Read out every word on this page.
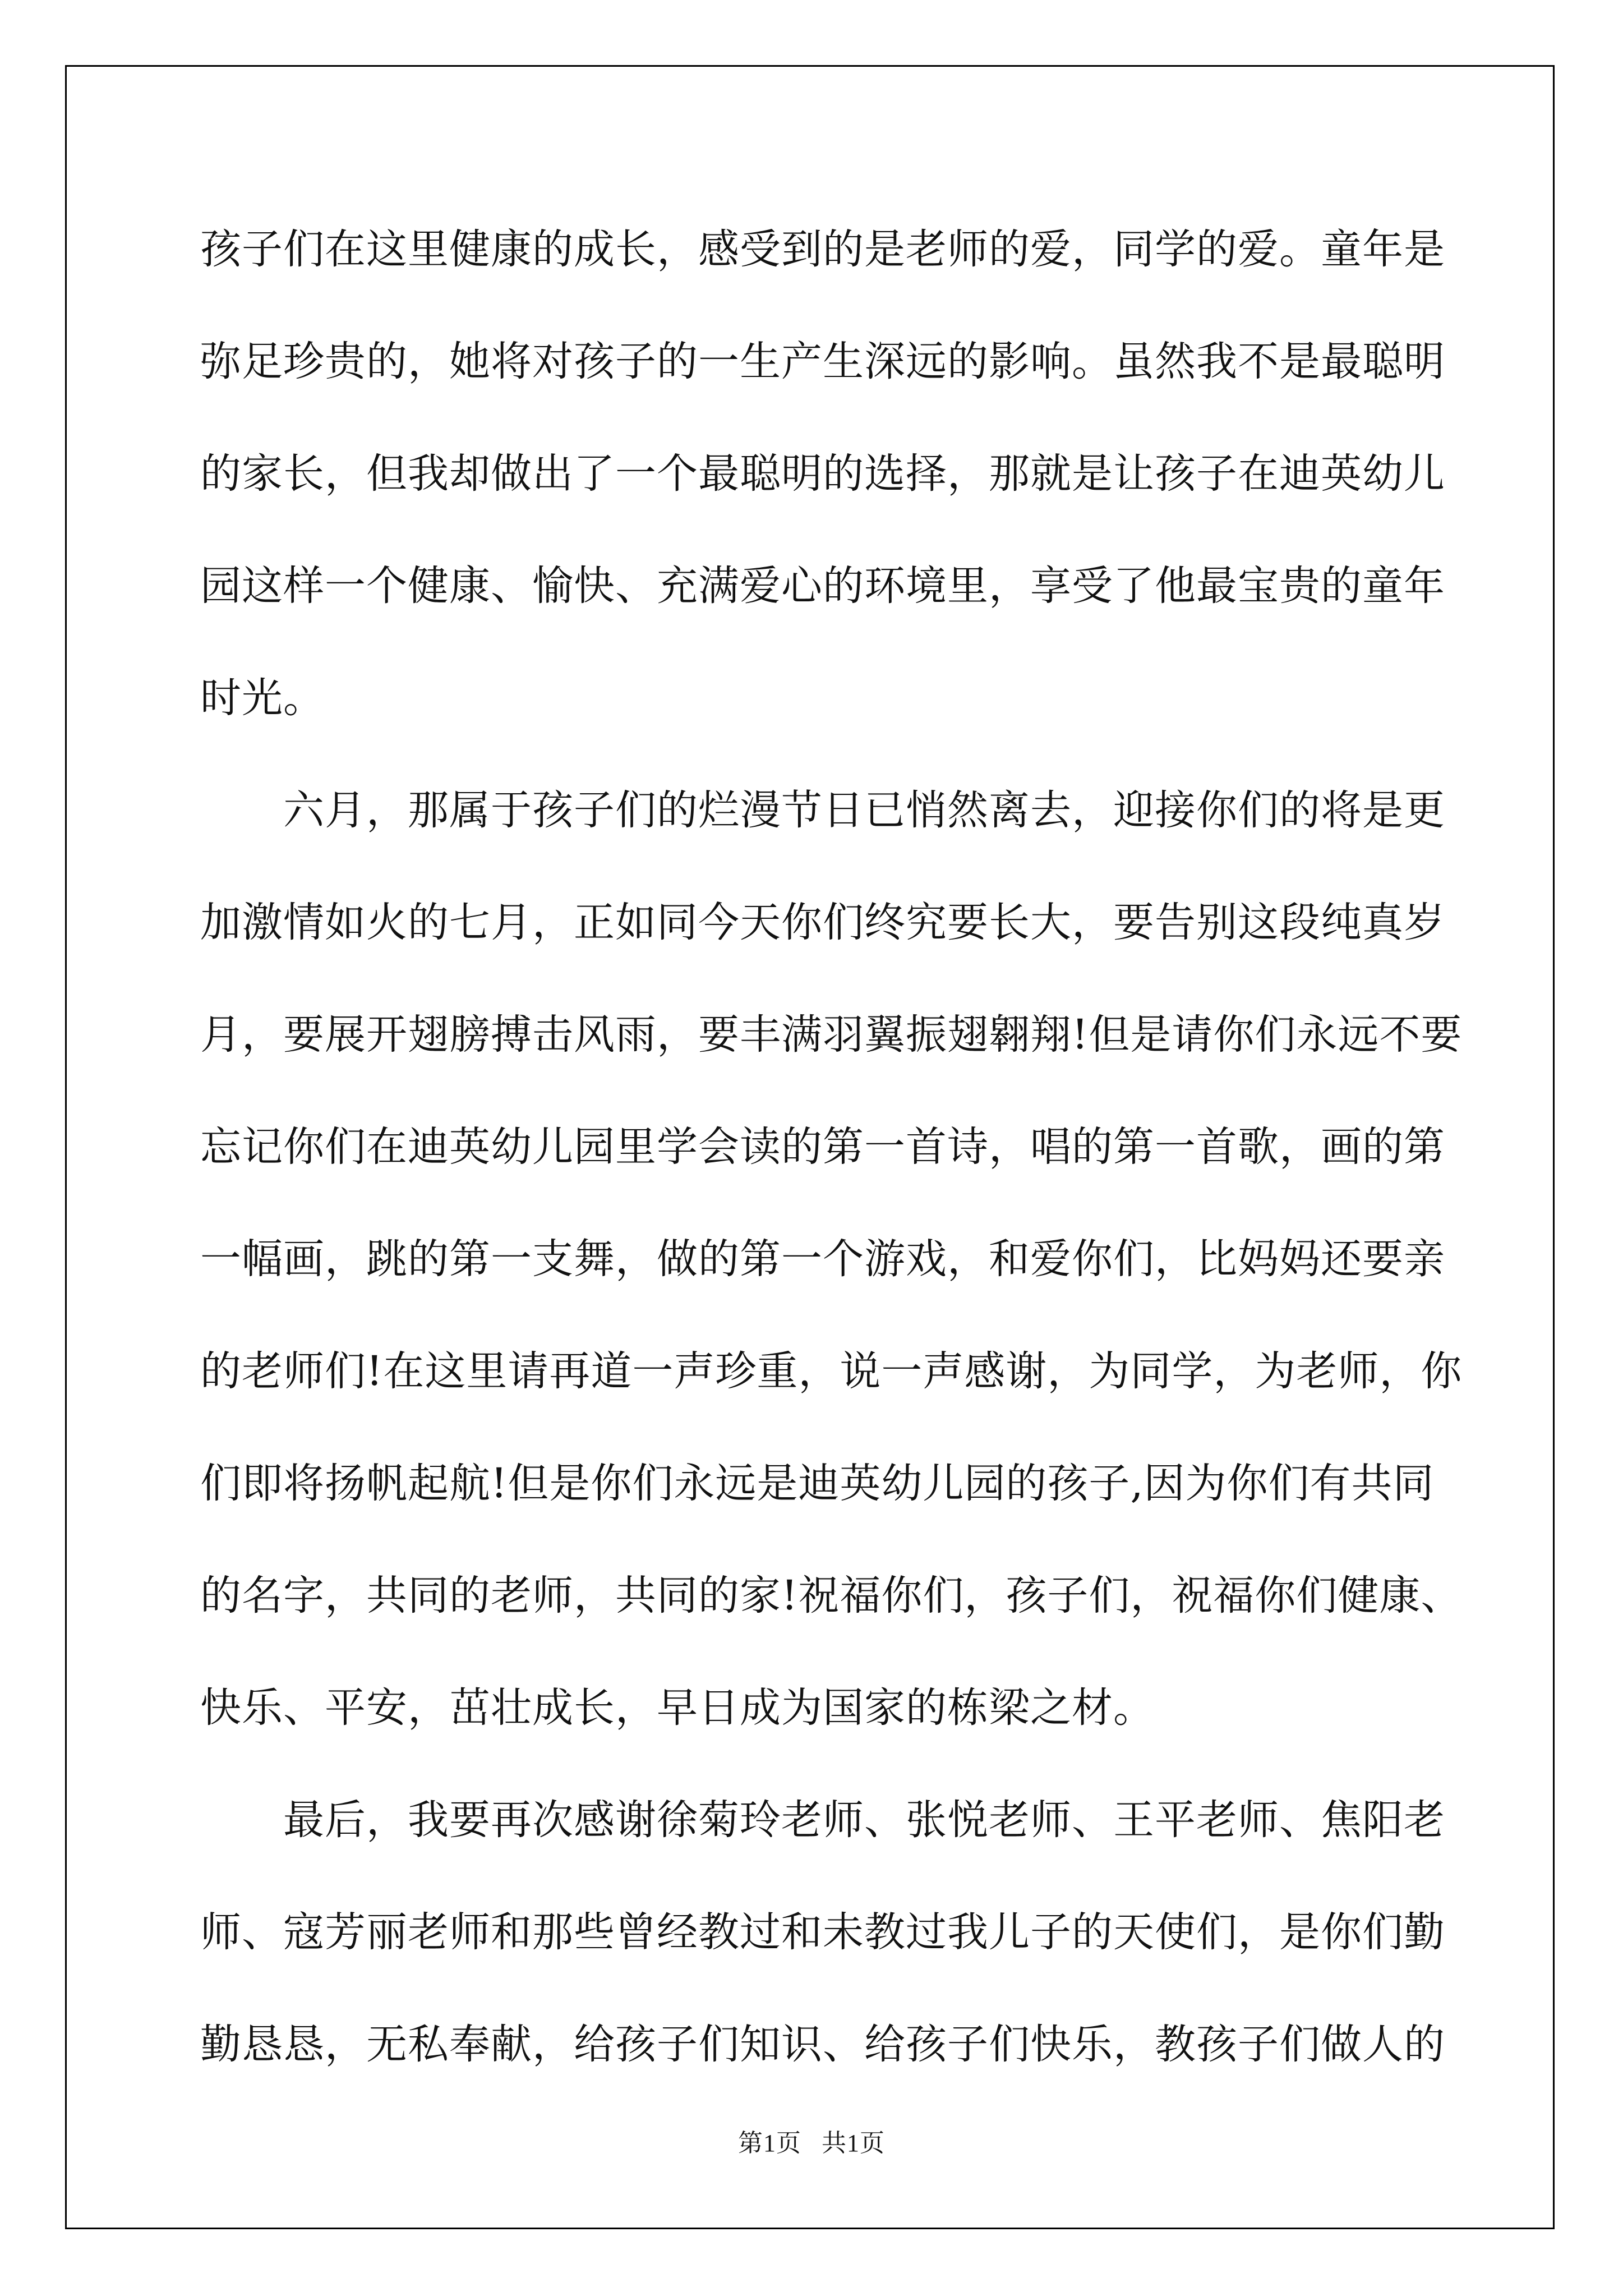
孩子们在这里健康的成长，感受到的是老师的爱，同学的爱。童年是
弥足珍贵的，她将对孩子的一生产生深远的影响。虽然我不是最聪明
的家长，但我却做出了一个最聪明的选择，那就是让孩子在迪英幼儿
园这样一个健康、愉快、充满爱心的环境里，享受了他最宝贵的童年
时光。
　　六月，那属于孩子们的烂漫节日已悄然离去，迎接你们的将是更
加激情如火的七月，正如同今天你们终究要长大，要告别这段纯真岁
月，要展开翅膀搏击风雨，要丰满羽翼振翅翱翔!但是请你们永远不要
忘记你们在迪英幼儿园里学会读的第一首诗，唱的第一首歌，画的第
一幅画，跳的第一支舞，做的第一个游戏，和爱你们，比妈妈还要亲
的老师们!在这里请再道一声珍重，说一声感谢，为同学，为老师，你
们即将扬帆起航!但是你们永远是迪英幼儿园的孩子,因为你们有共同
的名字，共同的老师，共同的家!祝福你们，孩子们，祝福你们健康、
快乐、平安，茁壮成长，早日成为国家的栋梁之材。
　　最后，我要再次感谢徐菊玲老师、张悦老师、王平老师、焦阳老
师、寇芳丽老师和那些曾经教过和未教过我儿子的天使们，是你们勤
勤恳恳，无私奉献，给孩子们知识、给孩子们快乐，教孩子们做人的
第1页 共1页
